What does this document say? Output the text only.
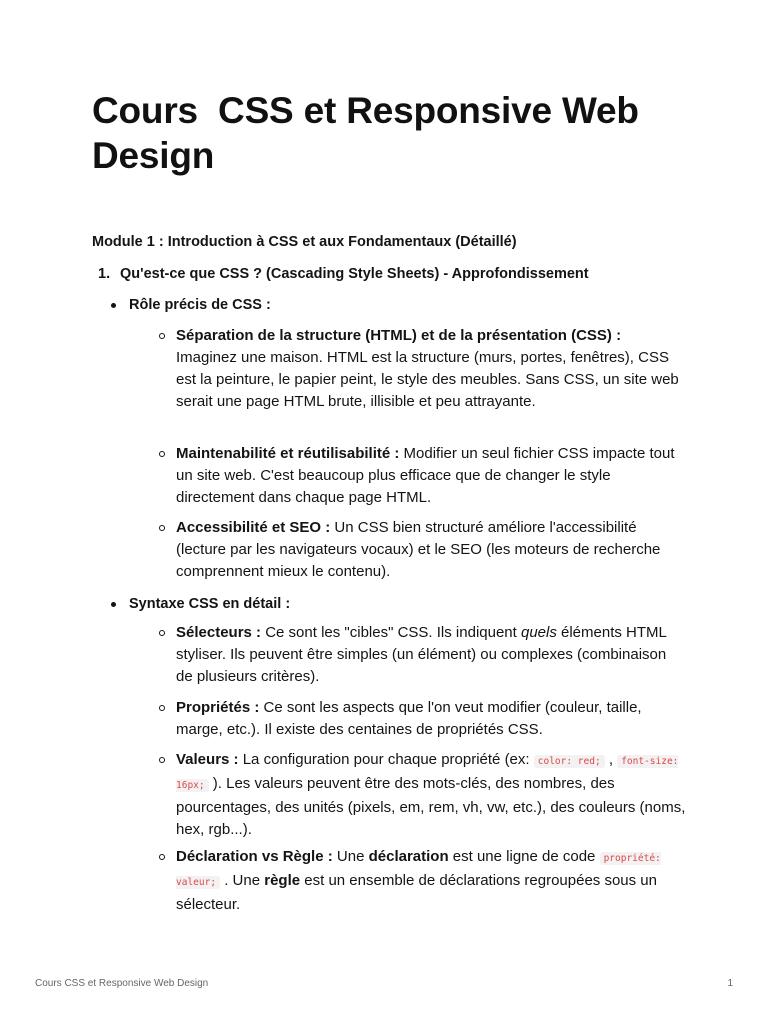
Cours  CSS et Responsive Web Design
Module 1 : Introduction à CSS et aux Fondamentaux (Détaillé)
1. Qu'est-ce que CSS ? (Cascading Style Sheets) - Approfondissement
Rôle précis de CSS :
Séparation de la structure (HTML) et de la présentation (CSS) : Imaginez une maison. HTML est la structure (murs, portes, fenêtres), CSS est la peinture, le papier peint, le style des meubles. Sans CSS, un site web serait une page HTML brute, illisible et peu attrayante.
Maintenabilité et réutilisabilité : Modifier un seul fichier CSS impacte tout un site web. C'est beaucoup plus efficace que de changer le style directement dans chaque page HTML.
Accessibilité et SEO : Un CSS bien structuré améliore l'accessibilité (lecture par les navigateurs vocaux) et le SEO (les moteurs de recherche comprennent mieux le contenu).
Syntaxe CSS en détail :
Sélecteurs : Ce sont les "cibles" CSS. Ils indiquent quels éléments HTML styliser. Ils peuvent être simples (un élément) ou complexes (combinaison de plusieurs critères).
Propriétés : Ce sont les aspects que l'on veut modifier (couleur, taille, marge, etc.). Il existe des centaines de propriétés CSS.
Valeurs : La configuration pour chaque propriété (ex: color: red; , font-size: 16px; ). Les valeurs peuvent être des mots-clés, des nombres, des pourcentages, des unités (pixels, em, rem, vh, vw, etc.), des couleurs (noms, hex, rgb...).
Déclaration vs Règle : Une déclaration est une ligne de code propriété: valeur; . Une règle est un ensemble de déclarations regroupées sous un sélecteur.
Cours CSS et Responsive Web Design	1
